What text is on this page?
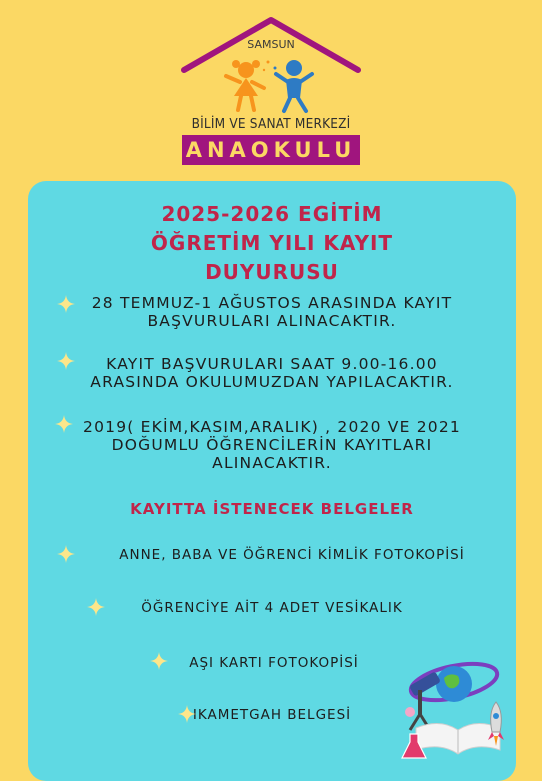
SAMSUN
BİLİM VE SANAT MERKEZİ
ANAOKULU
2025-2026 EGİTİM
ÖĞRETİM YILI KAYIT
DUYURUSU
28 TEMMUZ-1 AĞUSTOS ARASINDA KAYIT
BAŞVURULARI ALINACAKTIR.
KAYIT BAŞVURULARI SAAT 9.00-16.00
ARASINDA OKULUMUZDAN YAPILACAKTIR.
2019( EKİM,KASIM,ARALIK) , 2020 VE 2021
DOĞUMLU ÖĞRENCİLERİN KAYITLARI
ALINACAKTIR.
KAYITTA İSTENECEK BELGELER
ANNE, BABA VE ÖĞRENCİ KİMLİK FOTOKOPİSİ
ÖĞRENCİYE AİT 4 ADET VESİKALIK
AŞI KARTI FOTOKOPİSİ
IKAMETGAH BELGESİ
